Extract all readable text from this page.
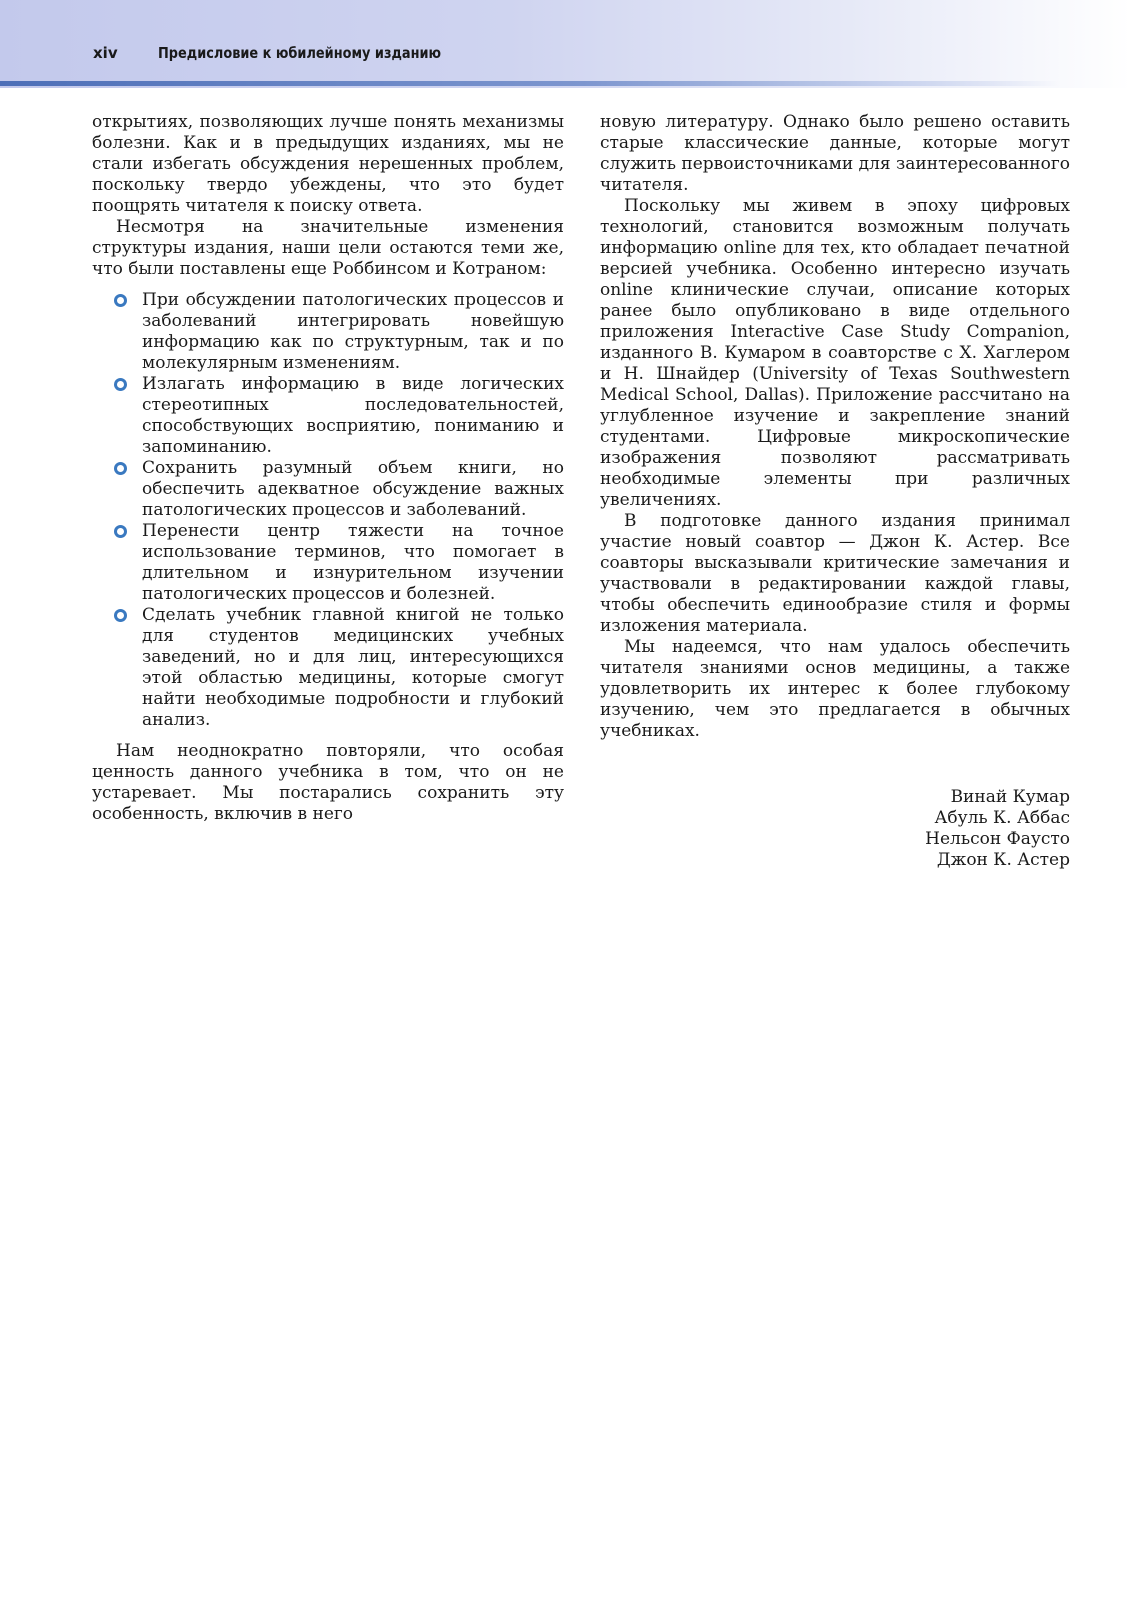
xiv	Предисловие к юбилейному изданию

открытиях, позволяющих лучше понять механизмы болезни. Как и в предыдущих изданиях, мы не стали избегать обсуждения нерешенных проблем, поскольку твердо убеждены, что это будет поощрять читателя к поиску ответа.

Несмотря на значительные изменения структуры издания, наши цели остаются теми же, что были поставлены еще Роббинсом и Котраном:

При обсуждении патологических процессов и заболеваний интегрировать новейшую информацию как по структурным, так и по молекулярным изменениям.
Излагать информацию в виде логических стереотипных последовательностей, способствующих восприятию, пониманию и запоминанию.
Сохранить разумный объем книги, но обеспечить адекватное обсуждение важных патологических процессов и заболеваний.
Перенести центр тяжести на точное использование терминов, что помогает в длительном и изнурительном изучении патологических процессов и болезней.
Сделать учебник главной книгой не только для студентов медицинских учебных заведений, но и для лиц, интересующихся этой областью медицины, которые смогут найти необходимые подробности и глубокий анализ.

Нам неоднократно повторяли, что особая ценность данного учебника в том, что он не устаревает. Мы постарались сохранить эту особенность, включив в него

новую литературу. Однако было решено оставить старые классические данные, которые могут служить первоисточниками для заинтересованного читателя.

Поскольку мы живем в эпоху цифровых технологий, становится возможным получать информацию online для тех, кто обладает печатной версией учебника. Особенно интересно изучать online клинические случаи, описание которых ранее было опубликовано в виде отдельного приложения Interactive Case Study Companion, изданного В. Кумаром в соавторстве с Х. Хаглером и Н. Шнайдер (University of Texas Southwestern Medical School, Dallas). Приложение рассчитано на углубленное изучение и закрепление знаний студентами. Цифровые микроскопические изображения позволяют рассматривать необходимые элементы при различных увеличениях.

В подготовке данного издания принимал участие новый соавтор — Джон К. Астер. Все соавторы высказывали критические замечания и участвовали в редактировании каждой главы, чтобы обеспечить единообразие стиля и формы изложения материала.

Мы надеемся, что нам удалось обеспечить читателя знаниями основ медицины, а также удовлетворить их интерес к более глубокому изучению, чем это предлагается в обычных учебниках.

Винай Кумар
Абуль К. Аббас
Нельсон Фаусто
Джон К. Астер
